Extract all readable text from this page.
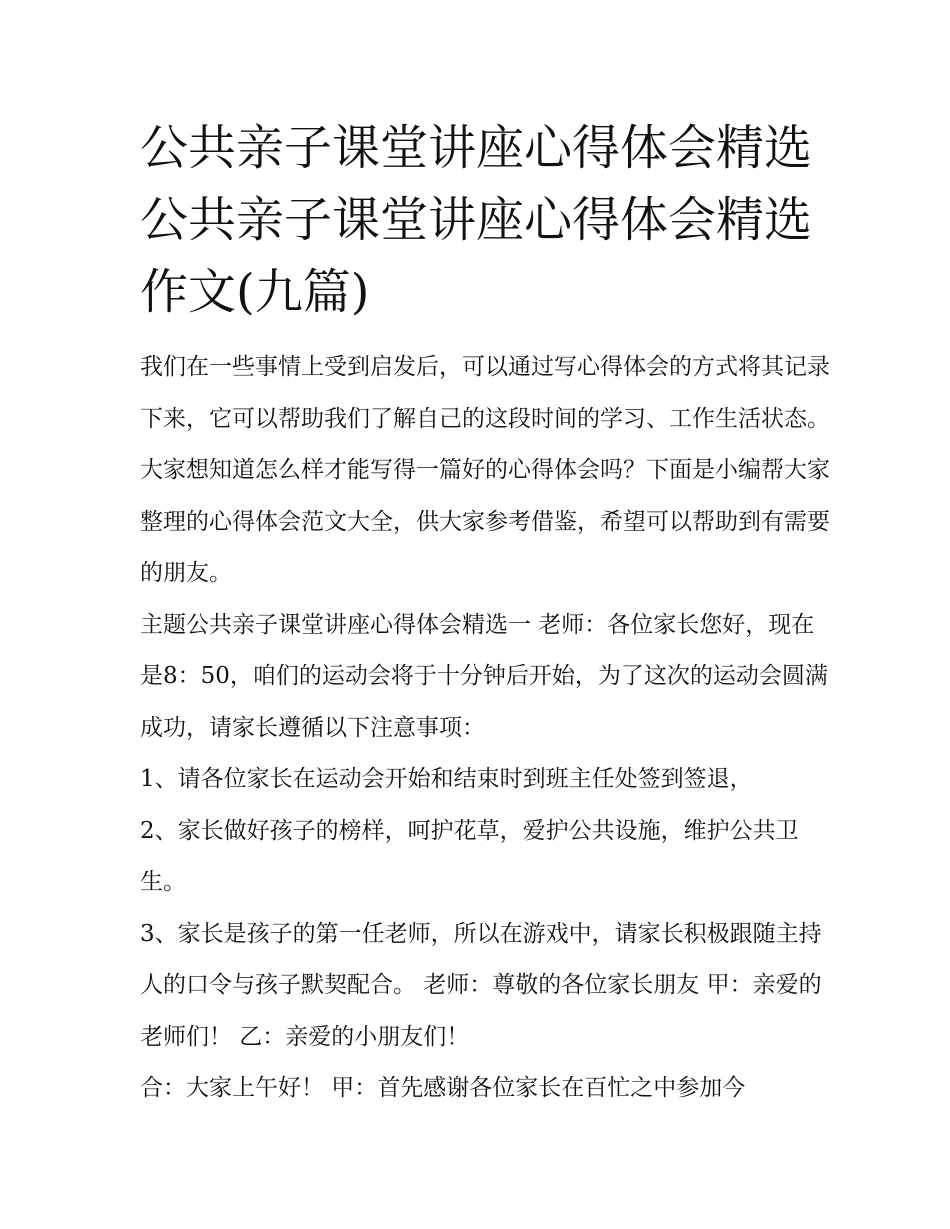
公共亲子课堂讲座心得体会精选 公共亲子课堂讲座心得体会精选作文(九篇)

我们在一些事情上受到启发后，可以通过写心得体会的方式将其记录下来，它可以帮助我们了解自己的这段时间的学习、工作生活状态。大家想知道怎么样才能写得一篇好的心得体会吗？下面是小编帮大家整理的心得体会范文大全，供大家参考借鉴，希望可以帮助到有需要的朋友。

主题公共亲子课堂讲座心得体会精选一 老师：各位家长您好，现在是8：50，咱们的运动会将于十分钟后开始，为了这次的运动会圆满成功，请家长遵循以下注意事项：

1、请各位家长在运动会开始和结束时到班主任处签到签退，

2、家长做好孩子的榜样，呵护花草，爱护公共设施，维护公共卫生。

3、家长是孩子的第一任老师，所以在游戏中，请家长积极跟随主持人的口令与孩子默契配合。 老师：尊敬的各位家长朋友 甲：亲爱的老师们！ 乙：亲爱的小朋友们！

合：大家上午好！ 甲：首先感谢各位家长在百忙之中参加今
